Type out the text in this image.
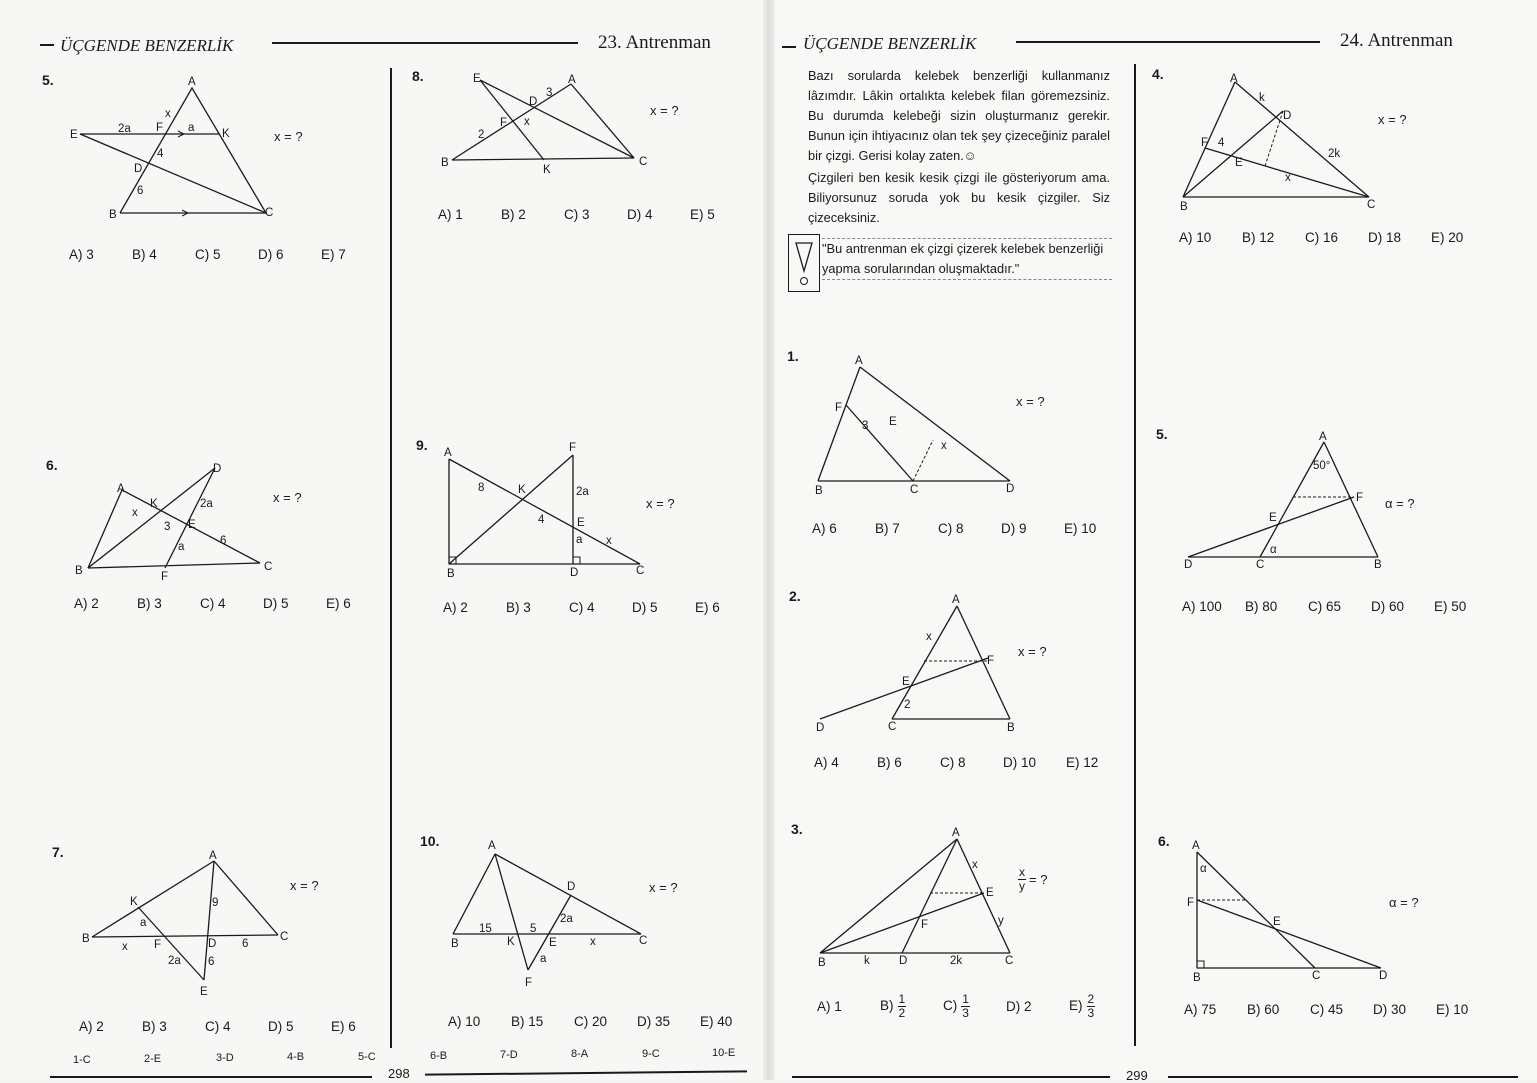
ÜÇGENDE BENZERLİK	23. Antrenman
5.	A
E	2a F a K
x
4
D
6
B	C
x = ?
A) 3	B) 4	C) 5	D) 6	E) 7
6.	D
A
K
x
2a
3 E
a	6
B	F
C
x = ?
A) 2	B) 3	C) 4	D) 5	E) 6
7.	A
K
a
9
B
x F	D 6
C
2a 6
E
x = ?
A) 2	B) 3	C) 4	D) 5	E) 6
8.	E	A
3
D
F x
2
B
K
C
x = ?
A) 1	B) 2	C) 3	D) 4	E) 5
9. A	F
8	K	2a
4	E
a x
B	D	C
x = ?
A) 2	B) 3	C) 4	D) 5	E) 6
10.	A
D
2a
15	5
B	K	E	x	C
a
F
x = ?
A) 10	B) 15	C) 20	D) 35	E) 40
1-C	2-E	3-D	4-B	5-C	6-B	7-D	8-A	9-C	10-E
298
ÜÇGENDE BENZERLİK	24. Antrenman

Bazı sorularda kelebek benzerliği kullanmanız lâzımdır. Lâkin ortalıkta kelebek filan göremezsiniz. Bu durumda kelebeği sizin oluşturmanız gerekir. Bunun için ihtiyacınız olan tek şey çizeceğiniz paralel bir çizgi. Gerisi kolay zaten.☺

Çizgileri ben kesik kesik çizgi ile gösteriyorum ama. Biliyorsunuz soruda yok bu kesik çizgiler. Siz çizeceksiniz.

"Bu antrenman ek çizgi çizerek kelebek benzerliği yapma sorularından oluşmaktadır."
1.	A
F
3 E
x
B	C	D
x = ?
A) 6	B) 7	C) 8	D) 9	E) 10
2.	A
x
F
E
2
D	C	B
x = ?
A) 4	B) 6	C) 8	D) 10	E) 12
3.	A
x
E
F	y
B	k	D	2k	C
$\frac{x}{y}$ = ?
A) 1	$B) \frac{1}{2}$	$C) \frac{1}{3}$	D) 2	$E) \frac{2}{3}$
4.	A
k
D
F 4
E
2k
x
B	C
x = ?
A) 10	B) 12	C) 16	D) 18	E) 20
5.	A
50°
F
E
α
D	C	B
α = ?
A) 100	B) 80	C) 65	D) 60	E) 50
6. A
α
F
E
B	C	D
α = ?
A) 75	B) 60	C) 45	D) 30	E) 10
299
